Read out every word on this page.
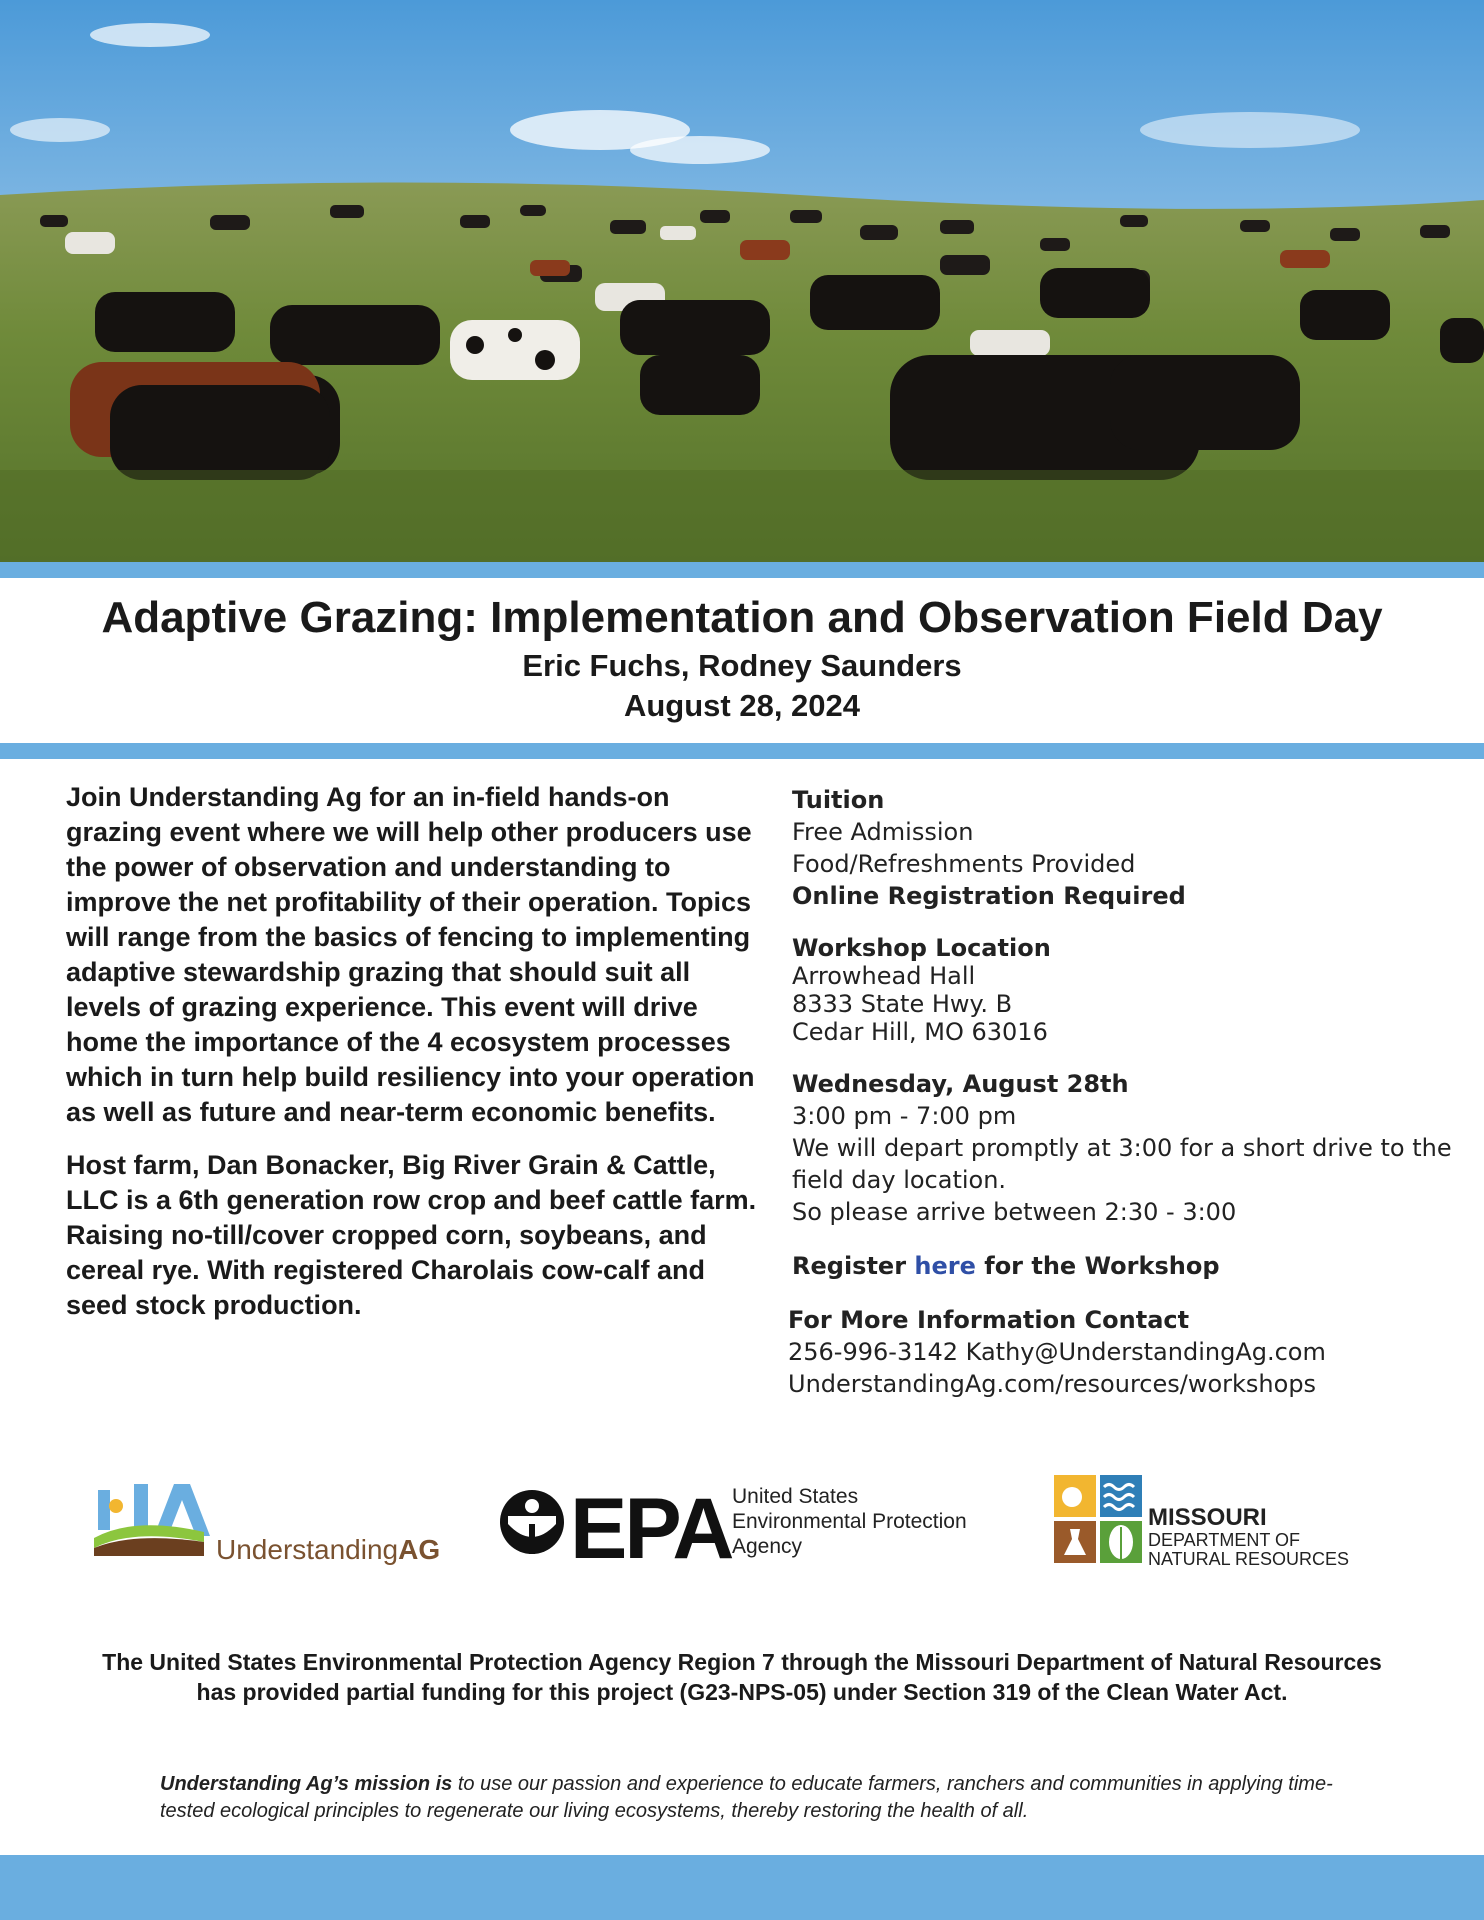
Adaptive Grazing: Implementation and Observation Field Day

Eric Fuchs, Rodney Saunders

August 28, 2024

Join Understanding Ag for an in-field hands-on grazing event where we will help other producers use the power of observation and understanding to improve the net profitability of their operation. Topics will range from the basics of fencing to implementing adaptive stewardship grazing that should suit all levels of grazing experience. This event will drive home the importance of the 4 ecosystem processes which in turn help build resiliency into your operation as well as future and near-term economic benefits.

Host farm, Dan Bonacker, Big River Grain & Cattle, LLC is a 6th generation row crop and beef cattle farm. Raising no-till/cover cropped corn, soybeans, and cereal rye. With registered Charolais cow-calf and seed stock production.

Tuition
Free Admission
Food/Refreshments Provided
Online Registration Required
Workshop Location
Arrowhead Hall
8333 State Hwy. B
Cedar Hill, MO 63016
Wednesday, August 28th
3:00 pm - 7:00 pm
We will depart promptly at 3:00 for a short drive to the field day location.
So please arrive between 2:30 - 3:00
Register here for the Workshop
For More Information Contact
256-996-3142 Kathy@UnderstandingAg.com
UnderstandingAg.com/resources/workshops
UnderstandingAG EPA United States
Environmental Protection
Agency
MISSOURI
DEPARTMENT OF
NATURAL RESOURCES
The United States Environmental Protection Agency Region 7 through the Missouri Department of Natural Resources
has provided partial funding for this project (G23-NPS-05) under Section 319 of the Clean Water Act.
Understanding Ag’s mission is to use our passion and experience to educate farmers, ranchers and communities in applying time-tested ecological principles to regenerate our living ecosystems, thereby restoring the health of all.
